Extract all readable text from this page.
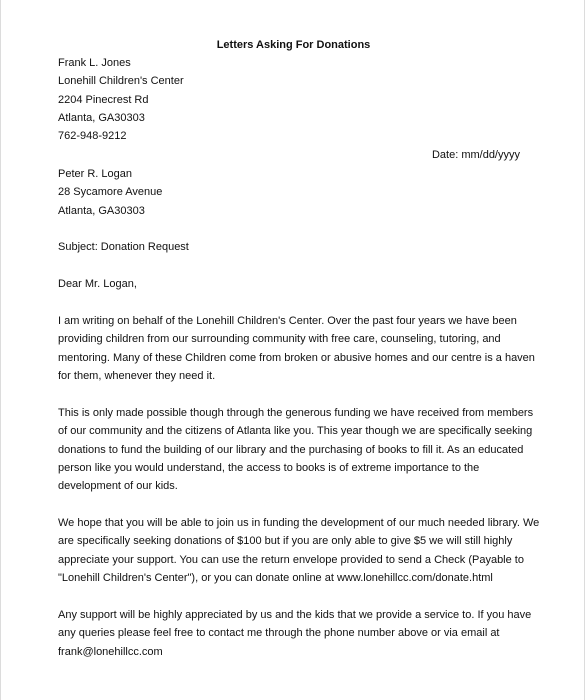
Letters Asking For Donations
Frank L. Jones
Lonehill Children's Center
2204 Pinecrest Rd
Atlanta, GA30303
762-948-9212
Date: mm/dd/yyyy
Peter R. Logan
28 Sycamore Avenue
Atlanta, GA30303
Subject: Donation Request
Dear Mr. Logan,
I am writing on behalf of the Lonehill Children's Center. Over the past four years we have been
providing children from our surrounding community with free care, counseling, tutoring, and
mentoring. Many of these Children come from broken or abusive homes and our centre is a haven
for them, whenever they need it.
This is only made possible though through the generous funding we have received from members
of our community and the citizens of Atlanta like you. This year though we are specifically seeking
donations to fund the building of our library and the purchasing of books to fill it. As an educated
person like you would understand, the access to books is of extreme importance to the
development of our kids.
We hope that you will be able to join us in funding the development of our much needed library. We
are specifically seeking donations of $100 but if you are only able to give $5 we will still highly
appreciate your support. You can use the return envelope provided to send a Check (Payable to
"Lonehill Children's Center"), or you can donate online at www.lonehillcc.com/donate.html
Any support will be highly appreciated by us and the kids that we provide a service to. If you have
any queries please feel free to contact me through the phone number above or via email at
frank@lonehillcc.com
